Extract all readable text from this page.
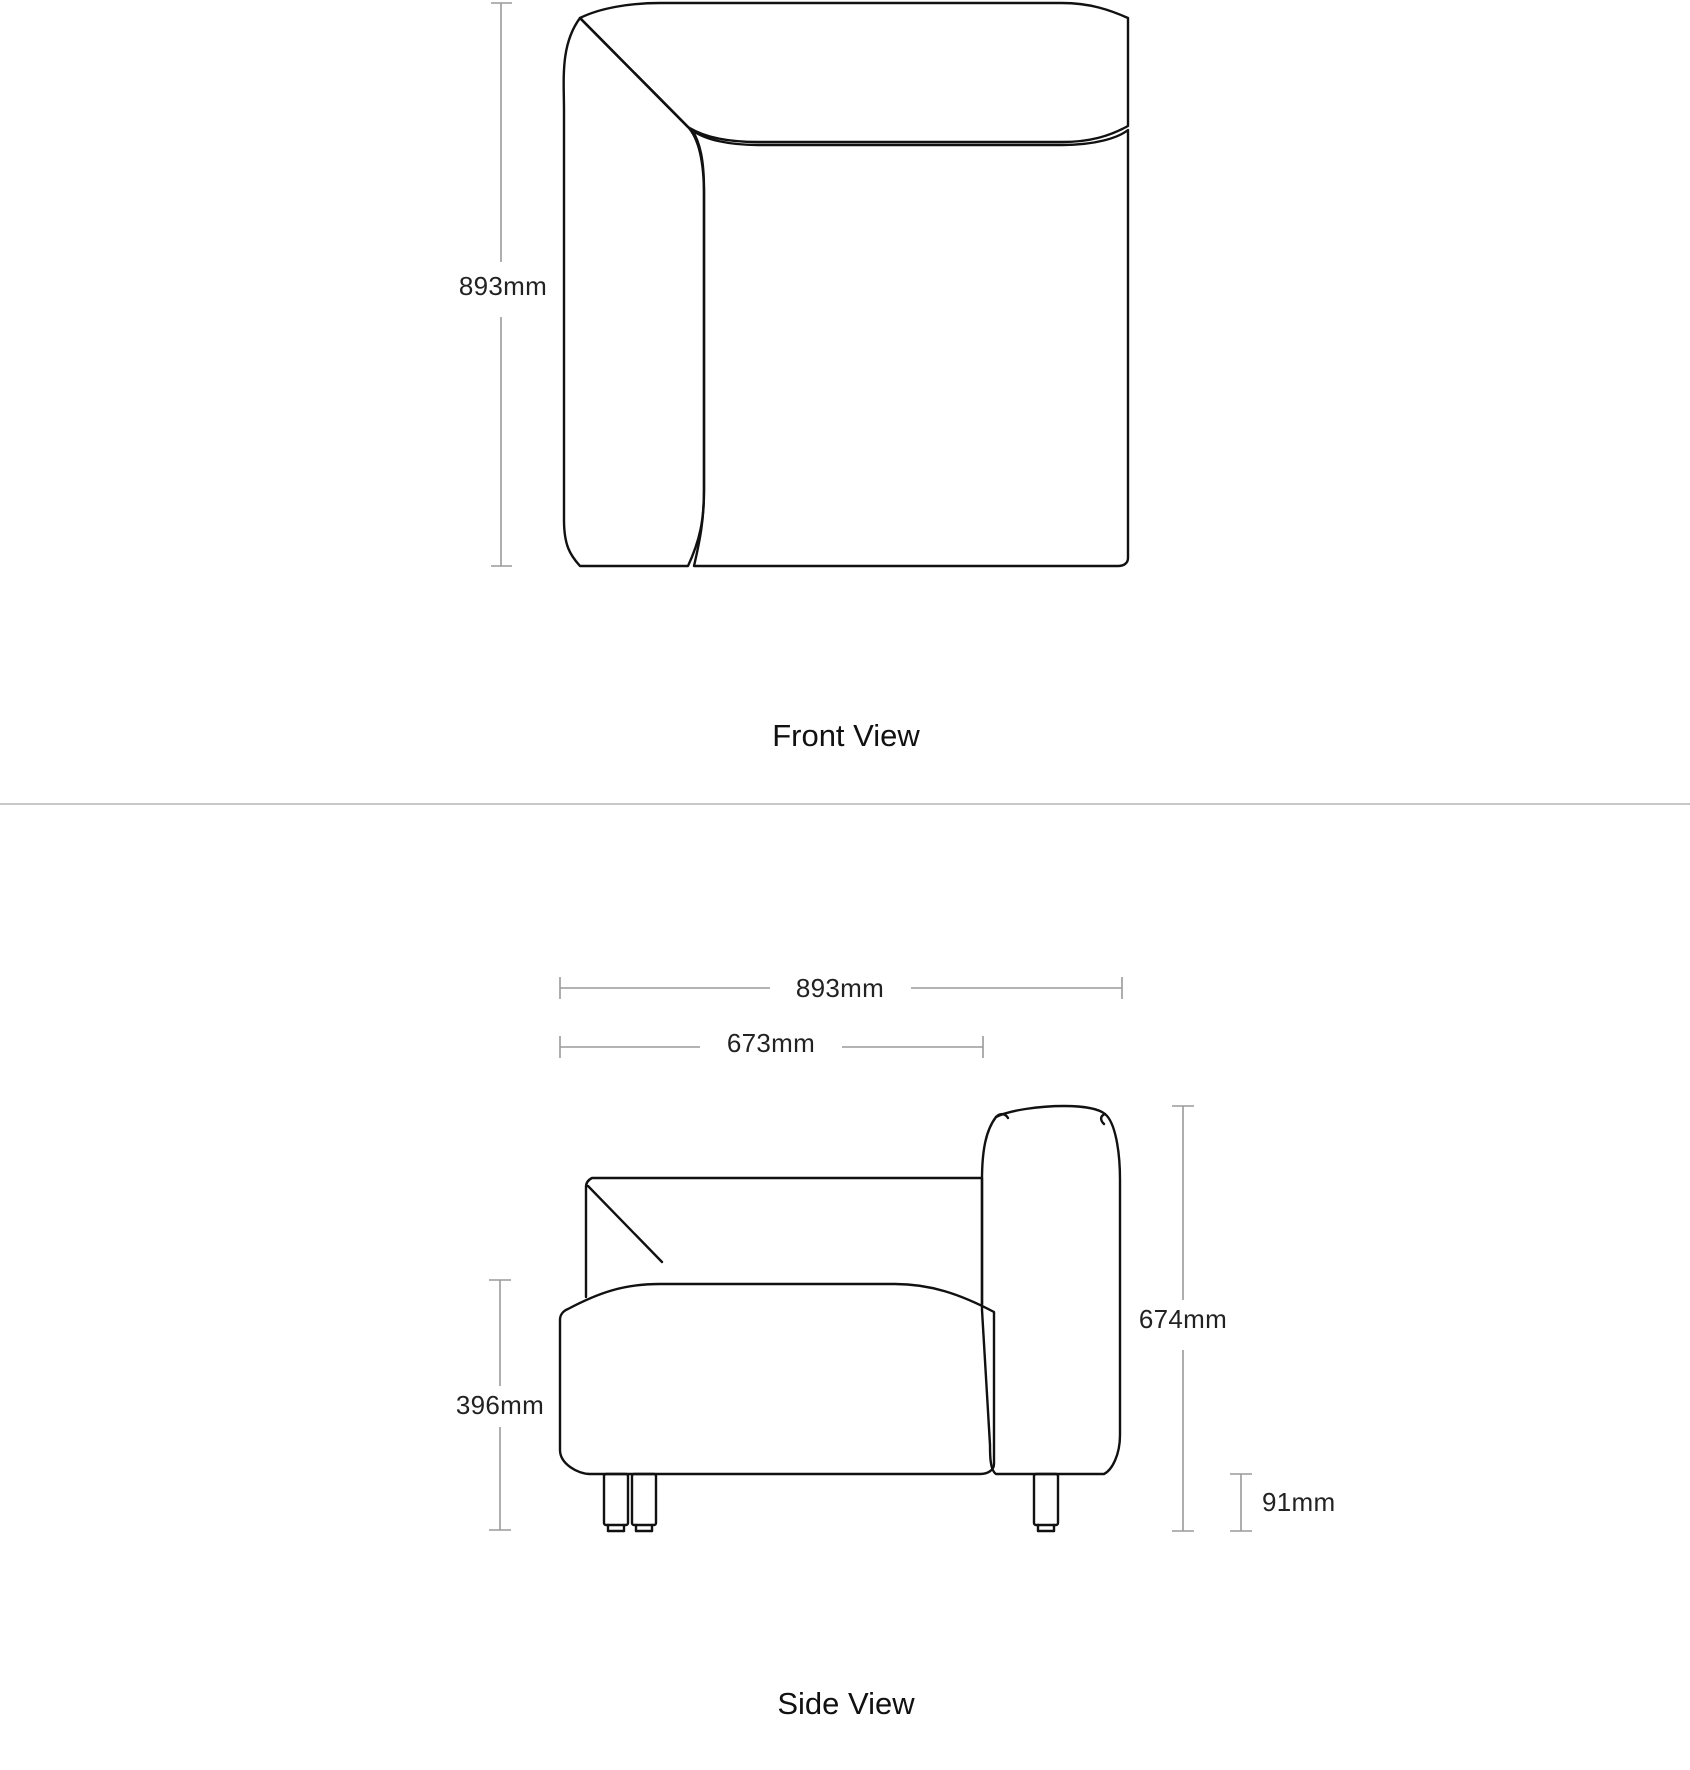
893mm
Front View
893mm
673mm
396mm
674mm
91mm
Side View
